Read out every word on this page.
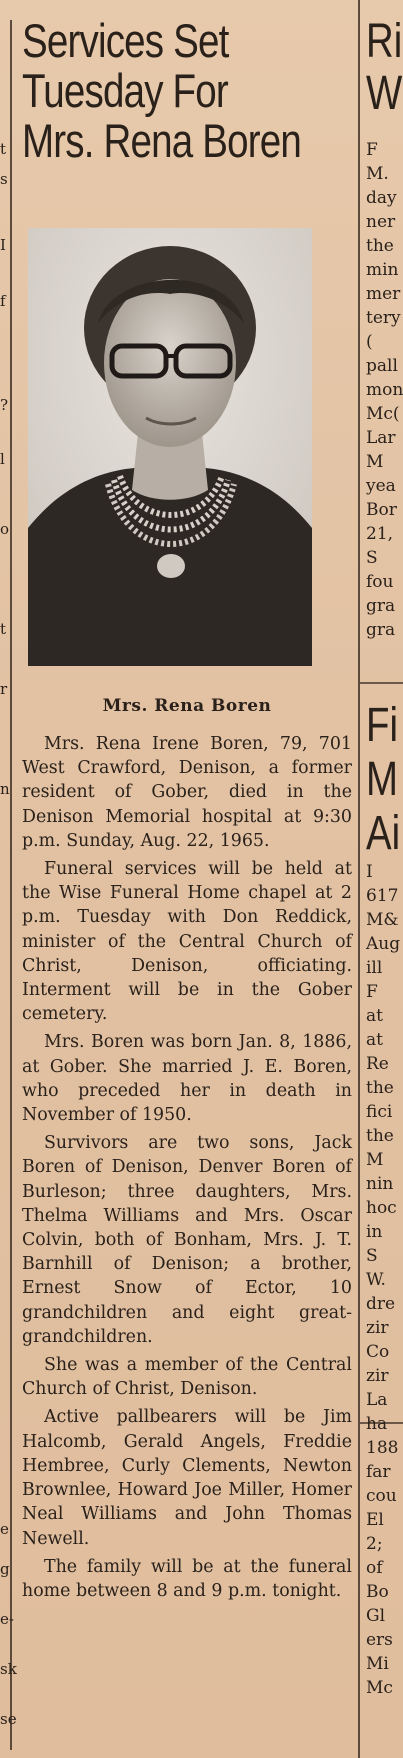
t
s
I
f
?
l
o
t
r
n
e
g
e-
sk
se
Services Set
Tuesday For
Mrs. Rena Boren

Mrs. Rena Boren

Mrs. Rena Irene Boren, 79, 701 West Crawford, Denison, a former resident of Gober, died in the Denison Memorial hospital at 9:30 p.m. Sunday, Aug. 22, 1965.

Funeral services will be held at the Wise Funeral Home chapel at 2 p.m. Tuesday with Don Reddick, minister of the Central Church of Christ, Denison, officiating. Interment will be in the Gober cemetery.

Mrs. Boren was born Jan. 8, 1886, at Gober. She married J. E. Boren, who preceded her in death in November of 1950.

Survivors are two sons, Jack Boren of Denison, Denver Boren of Burleson; three daughters, Mrs. Thelma Williams and Mrs. Oscar Colvin, both of Bonham, Mrs. J. T. Barnhill of Denison; a brother, Ernest Snow of Ector, 10 grandchildren and eight great-grandchildren.

She was a member of the Central Church of Christ, Denison.

Active pallbearers will be Jim Halcomb, Gerald Angels, Freddie Hembree, Curly Clements, Newton Brownlee, Howard Joe Miller, Homer Neal Williams and John Thomas Newell.

The family will be at the funeral home between 8 and 9 p.m. tonight.

Ri
W
F
M.
day
ner
the
min
mer
tery
(
pall
mon
Mc(
Lar
M
yea
Bor
21,
S
fou
gra
gra
Fi
M
Ai
I
617
M&
Aug
ill
F
at
at
Re
the
fici
the
M
nin
hoc
in
S
W.
dre
zir
Co
zir
La
ha
188
far
cou
El
2;
of
Bo
Gl
ers
Mi
Mc
